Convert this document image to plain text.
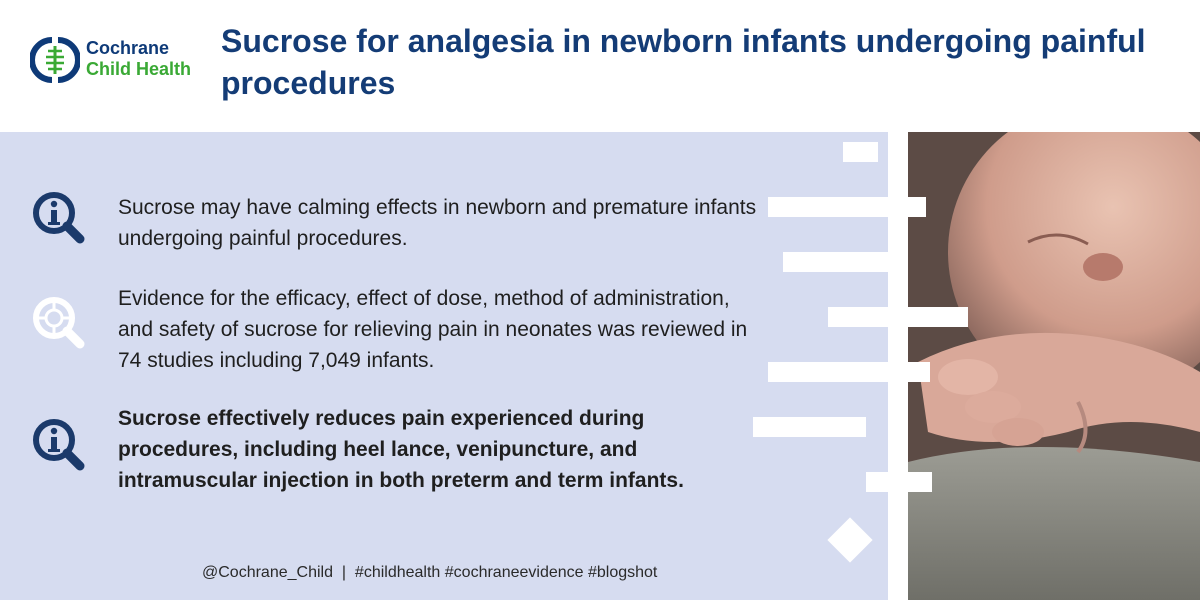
Cochrane
Child Health
Sucrose for analgesia in newborn infants undergoing painful procedures

Sucrose may have calming effects in newborn and premature infants undergoing painful procedures.

Evidence for the efficacy, effect of dose, method of administration, and safety of sucrose for relieving pain in neonates was reviewed in 74 studies including 7,049 infants.

Sucrose effectively reduces pain experienced during procedures, including heel lance, venipuncture, and intramuscular injection in both preterm and term infants.

@Cochrane_Child  |  #childhealth #cochraneevidence #blogshot
